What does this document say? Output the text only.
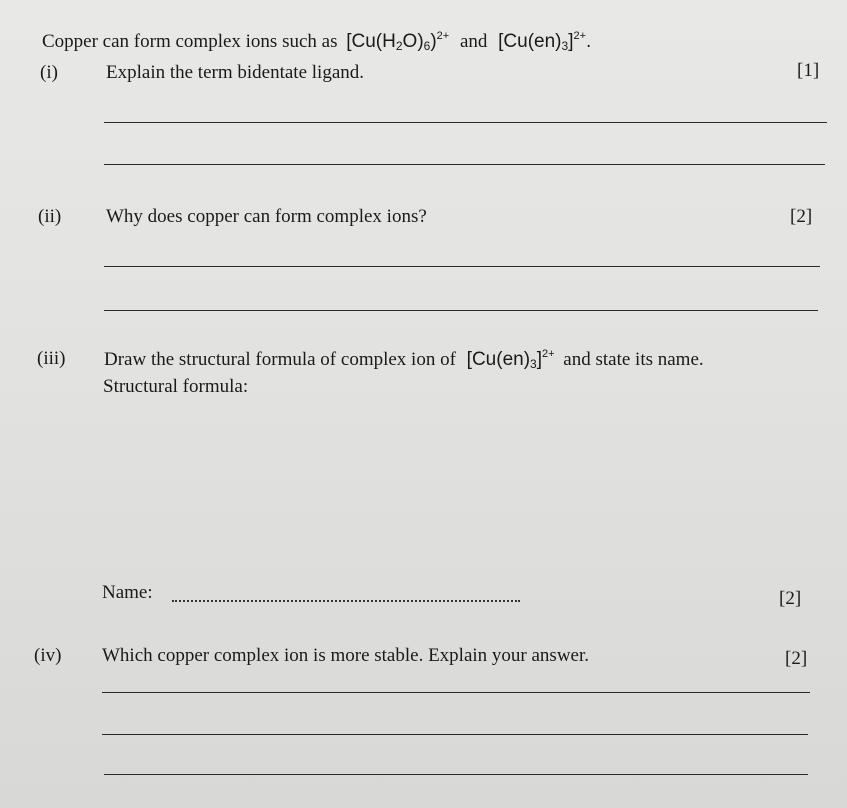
Copper can form complex ions such as $[Cu(H_2O)_6)^{2+}$ and $[Cu(en)_3]^{2+}$.
(i)	Explain the term bidentate ligand.	[1]
(ii) Why does copper can form complex ions?	[2]
(iii) Draw the structural formula of complex ion of $[Cu(en)_3]^{2+}$ and state its name.
Structural formula:
Name:	[2]
(iv) Which copper complex ion is more stable. Explain your answer.	[2]
